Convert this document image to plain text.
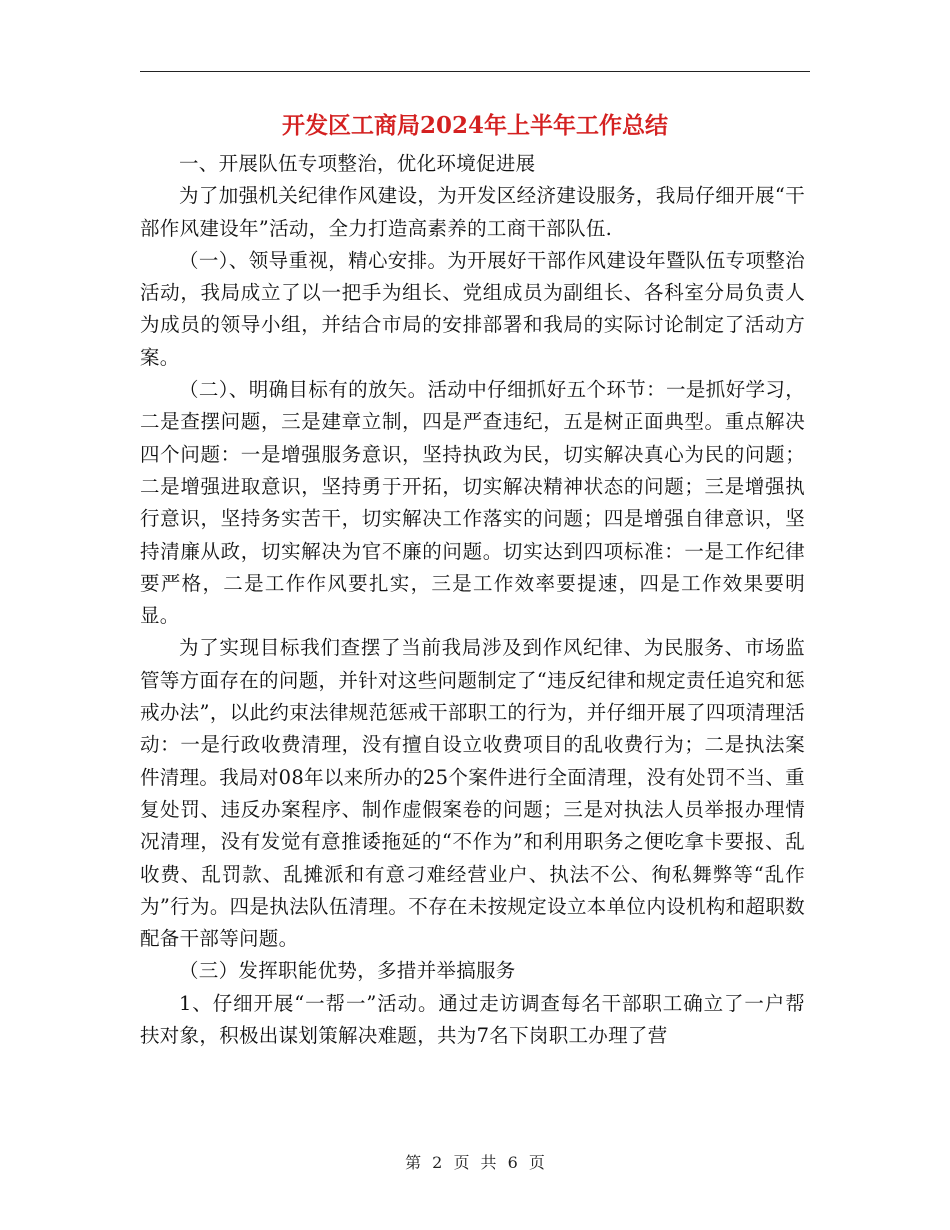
开发区工商局2024年上半年工作总结

一、开展队伍专项整治，优化环境促进展

为了加强机关纪律作风建设，为开发区经济建设服务，我局仔细开展“干部作风建设年”活动，全力打造高素养的工商干部队伍.

（一）、领导重视，精心安排。为开展好干部作风建设年暨队伍专项整治活动，我局成立了以一把手为组长、党组成员为副组长、各科室分局负责人为成员的领导小组，并结合市局的安排部署和我局的实际讨论制定了活动方案。

（二）、明确目标有的放矢。活动中仔细抓好五个环节：一是抓好学习，二是查摆问题，三是建章立制，四是严查违纪，五是树正面典型。重点解决四个问题：一是增强服务意识，坚持执政为民，切实解决真心为民的问题；二是增强进取意识，坚持勇于开拓，切实解决精神状态的问题；三是增强执行意识，坚持务实苦干，切实解决工作落实的问题；四是增强自律意识，坚持清廉从政，切实解决为官不廉的问题。切实达到四项标准：一是工作纪律要严格，二是工作作风要扎实，三是工作效率要提速，四是工作效果要明显。

为了实现目标我们查摆了当前我局涉及到作风纪律、为民服务、市场监管等方面存在的问题，并针对这些问题制定了“违反纪律和规定责任追究和惩戒办法”，以此约束法律规范惩戒干部职工的行为，并仔细开展了四项清理活动：一是行政收费清理，没有擅自设立收费项目的乱收费行为；二是执法案件清理。我局对08年以来所办的25个案件进行全面清理，没有处罚不当、重复处罚、违反办案程序、制作虚假案卷的问题；三是对执法人员举报办理情况清理，没有发觉有意推诿拖延的“不作为”和利用职务之便吃拿卡要报、乱收费、乱罚款、乱摊派和有意刁难经营业户、执法不公、徇私舞弊等“乱作为”行为。四是执法队伍清理。不存在未按规定设立本单位内设机构和超职数配备干部等问题。

（三）发挥职能优势，多措并举搞服务

1、仔细开展“一帮一”活动。通过走访调查每名干部职工确立了一户帮扶对象，积极出谋划策解决难题，共为7名下岗职工办理了营

第 2 页 共 6 页
